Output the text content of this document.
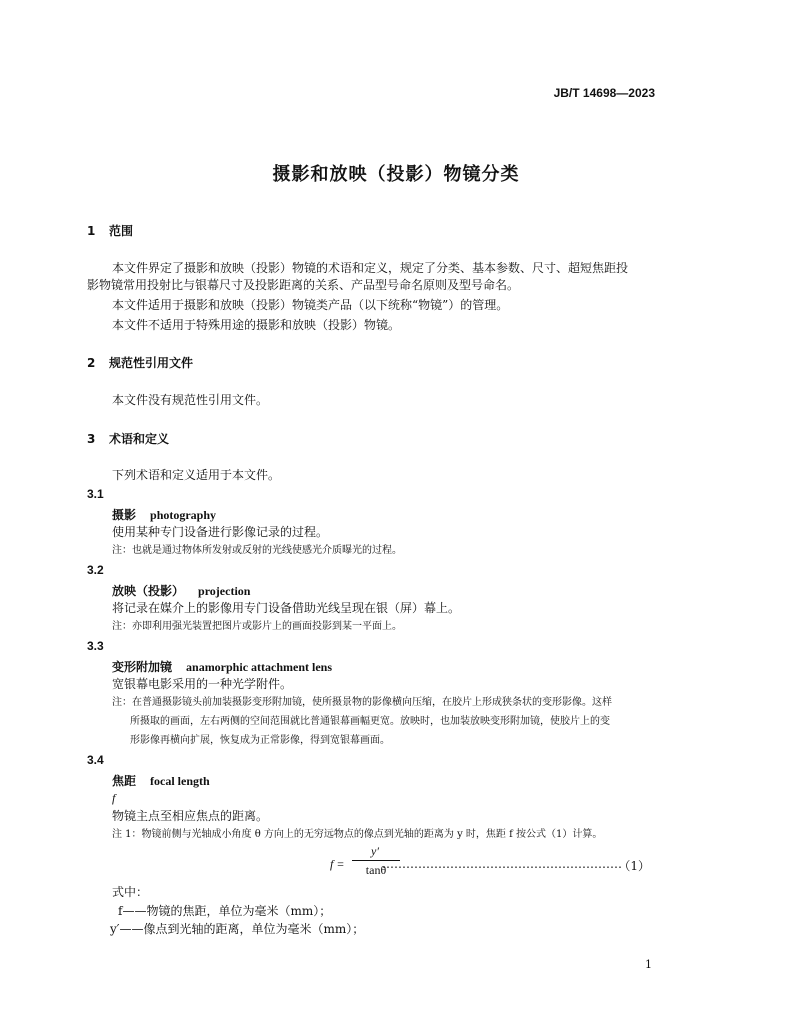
JB/T 14698—2023
摄影和放映（投影）物镜分类
1 范围
本文件界定了摄影和放映（投影）物镜的术语和定义，规定了分类、基本参数、尺寸、超短焦距投
影物镜常用投射比与银幕尺寸及投影距离的关系、产品型号命名原则及型号命名。
本文件适用于摄影和放映（投影）物镜类产品（以下统称“物镜”）的管理。
本文件不适用于特殊用途的摄影和放映（投影）物镜。
2 规范性引用文件
本文件没有规范性引用文件。
3 术语和定义
下列术语和定义适用于本文件。
3.1
摄影 photography
使用某种专门设备进行影像记录的过程。
注：也就是通过物体所发射或反射的光线使感光介质曝光的过程。
3.2
放映（投影） projection
将记录在媒介上的影像用专门设备借助光线呈现在银（屏）幕上。
注：亦即利用强光装置把图片或影片上的画面投影到某一平面上。
3.3
变形附加镜 anamorphic attachment lens
宽银幕电影采用的一种光学附件。
注：在普通摄影镜头前加装摄影变形附加镜，使所摄景物的影像横向压缩，在胶片上形成狭条状的变形影像。这样
所摄取的画面，左右两侧的空间范围就比普通银幕画幅更宽。放映时，也加装放映变形附加镜，使胶片上的变
形影像再横向扩展，恢复成为正常影像，得到宽银幕画面。
3.4
焦距 focal length
f
物镜主点至相应焦点的距离。
注 1：物镜前侧与光轴成小角度 θ 方向上的无穷远物点的像点到光轴的距离为 y 时，焦距 f 按公式（1）计算。
f =
y′
tanθ
……………………………………………………
（1）
式中：
f——物镜的焦距，单位为毫米（mm）；
y′——像点到光轴的距离，单位为毫米（mm）；
1
